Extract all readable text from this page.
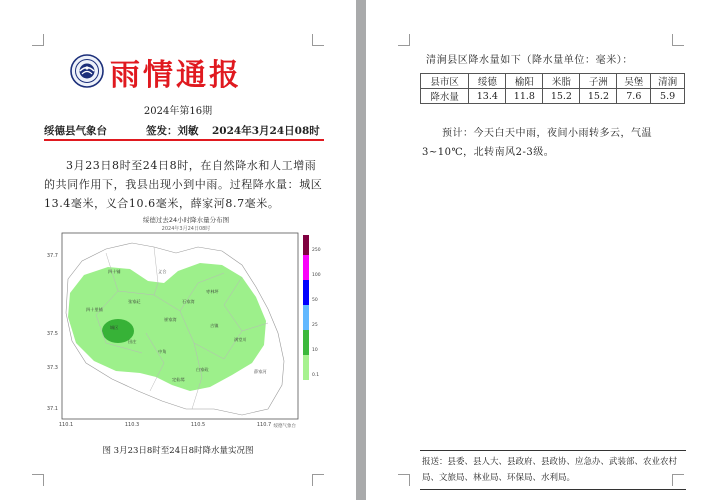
雨情通报
2024年第16期
绥德县气象台	签发：刘敏 2024年3月24日08时
3月23日8时至24日8时，在自然降水和人工增雨的共同作用下，我县出现小到中雨。过程降水量：城区13.4毫米，义合10.6毫米，薛家河8.7毫米。
绥德过去24小时降水量分布图
2024年3月24日08时
37.7
37.5
37.3
37.1
110.1	110.3	110.5	110.7
四十铺	义合
城区
张家砭
枣林坪
满堂川
石家湾
崔家湾
吉镇
中角
田庄
白家硷	薛家河
定仙墕
四十里铺
250
100
50
25
10
0.1
绥德气象台
图 3月23日8时至24日8时降水量实况图
清涧县区降水量如下（降水量单位：毫米）：
县市区	绥德	榆阳	米脂	子洲	吴堡	清涧
降水量	13.4	11.8	15.2	15.2	7.6	5.9
预计：今天白天中雨，夜间小雨转多云，气温3~10℃，北转南风2-3级。
报送：县委、县人大、县政府、县政协、应急办、武装部、农业农村局、文旅局、林业局、环保局、水利局。
